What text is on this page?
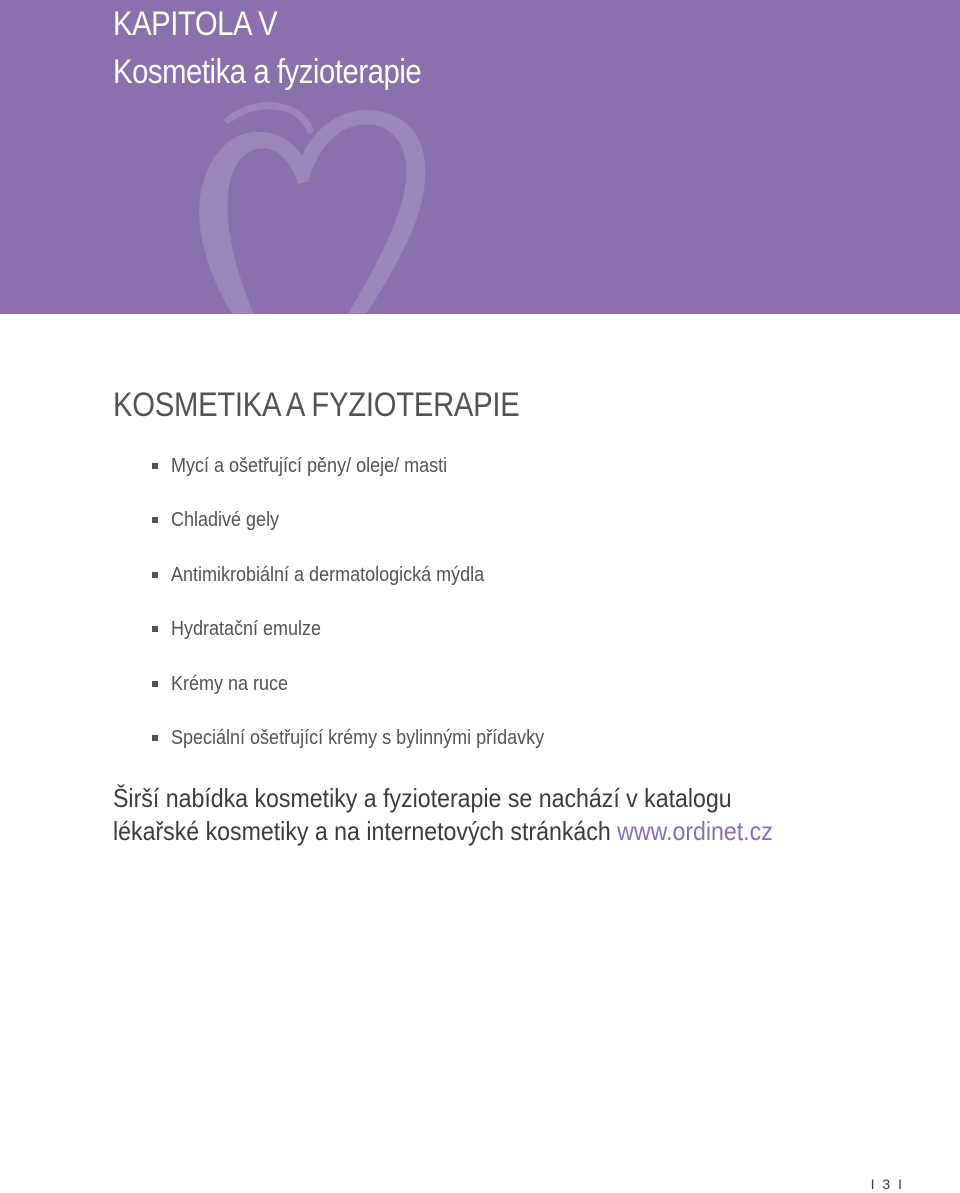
KAPITOLA V
Kosmetika a fyzioterapie
KOSMETIKA A FYZIOTERAPIE
Mycí a ošetřující pěny/ oleje/ masti
Chladivé gely
Antimikrobiální a dermatologická mýdla
Hydratační emulze
Krémy na ruce
Speciální ošetřující krémy s bylinnými přídavky

Širší nabídka kosmetiky a fyzioterapie se nachází v katalogu
lékařské kosmetiky a na internetových stránkách www.ordinet.cz

I 3 I
